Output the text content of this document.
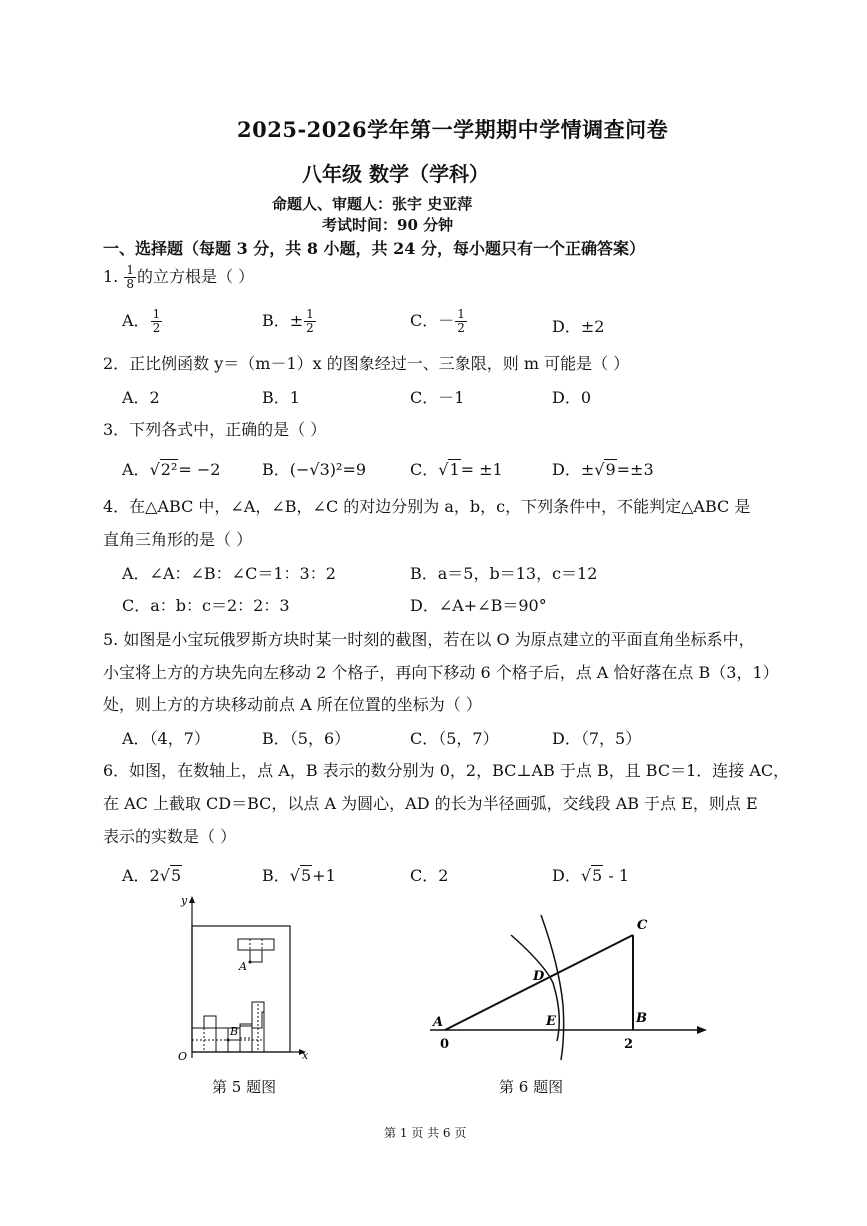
2025-2026学年第一学期期中学情调查问卷
八年级 数学（学科）
命题人、审题人：张宇 史亚萍
考试时间：90 分钟
一、选择题（每题 3 分，共 8 小题，共 24 分，每小题只有一个正确答案）
1. $\frac{1}{8}$ 的立方根是（ ）
A． $\frac{1}{2}$	B．± $\frac{1}{2}$	C．－ $\frac{1}{2}$	D．±2
2．正比例函数 y＝（m－1）x 的图象经过一、三象限，则 m 可能是（ ）
A．2	B．1	C．－1	D．0
3．下列各式中，正确的是（ ）
A．√2²= −2	B．(−√3)²=9	C．√1= ±1	D．±√9=±3
4．在△ABC 中，∠A，∠B，∠C 的对边分别为 a，b，c，下列条件中，不能判定△ABC 是
直角三角形的是（ ）
A．∠A：∠B：∠C＝1：3：2	B．a＝5，b＝13，c＝12
C．a：b：c＝2：2：3	D．∠A+∠B＝90°
5. 如图是小宝玩俄罗斯方块时某一时刻的截图，若在以 O 为原点建立的平面直角坐标系中，
小宝将上方的方块先向左移动 2 个格子，再向下移动 6 个格子后，点 A 恰好落在点 B（3，1）
处，则上方的方块移动前点 A 所在位置的坐标为（ ）
A．（4，7）	B．（5，6）	C．（5，7）	D．（7，5）
6．如图，在数轴上，点 A，B 表示的数分别为 0，2，BC⊥AB 于点 B，且 BC＝1．连接 AC，
在 AC 上截取 CD＝BC，以点 A 为圆心，AD 的长为半径画弧，交线段 AB 于点 E，则点 E
表示的实数是（ ）
A．2√5	B．√5+1	C．2	D．√5 - 1
A
B
y
x
O
第 5 题图
A
C
B
D
E
0	2
第 6 题图
第 1 页 共 6 页
